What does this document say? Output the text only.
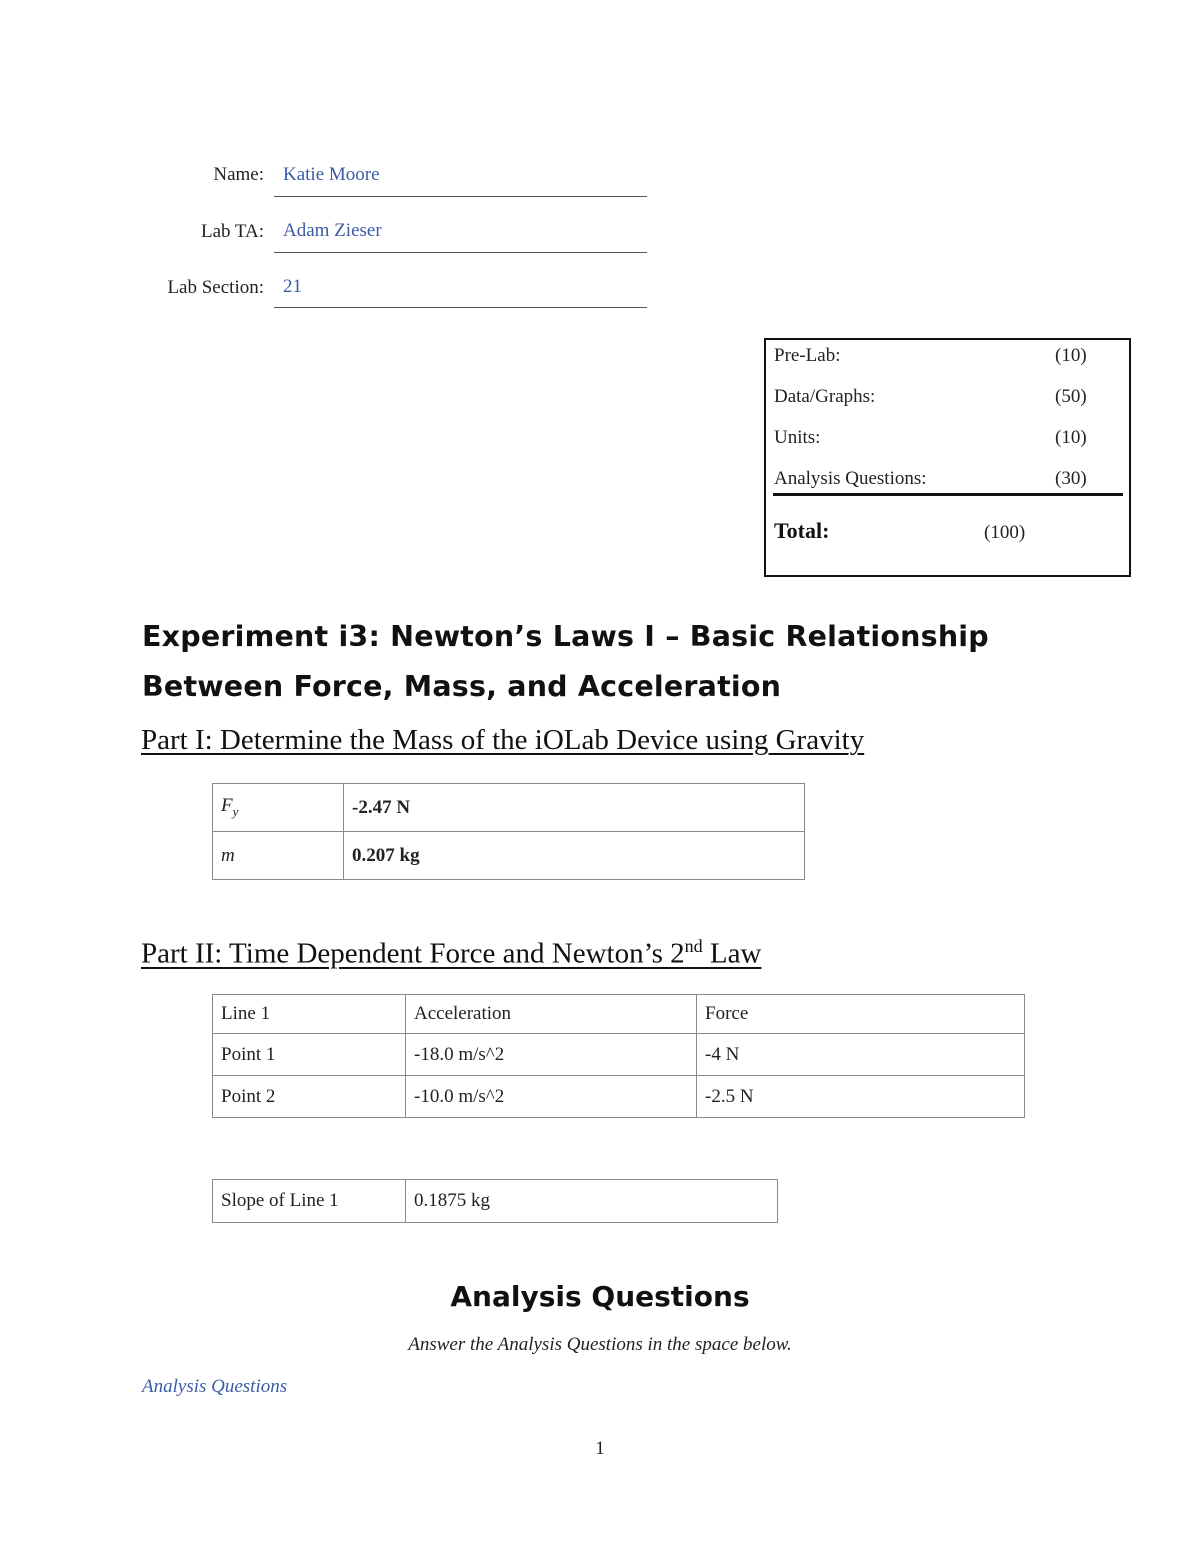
Name: Katie Moore
Lab TA: Adam Zieser
Lab Section: 21
Pre-Lab:	(10)
Data/Graphs:	(50)
Units:	(10)
Analysis Questions:	(30)
Total:	(100)
Experiment i3: Newton’s Laws I – Basic Relationship
Between Force, Mass, and Acceleration
Part I: Determine the Mass of the iOLab Device using Gravity
$F_y$	-2.47 N
m	0.207 kg
Part II: Time Dependent Force and Newton’s 2nd Law
Line 1	Acceleration	Force
Point 1	-18.0 m/s^2	-4 N
Point 2	-10.0 m/s^2	-2.5 N
Slope of Line 1	0.1875 kg
Analysis Questions
Answer the Analysis Questions in the space below.
Analysis Questions
1
